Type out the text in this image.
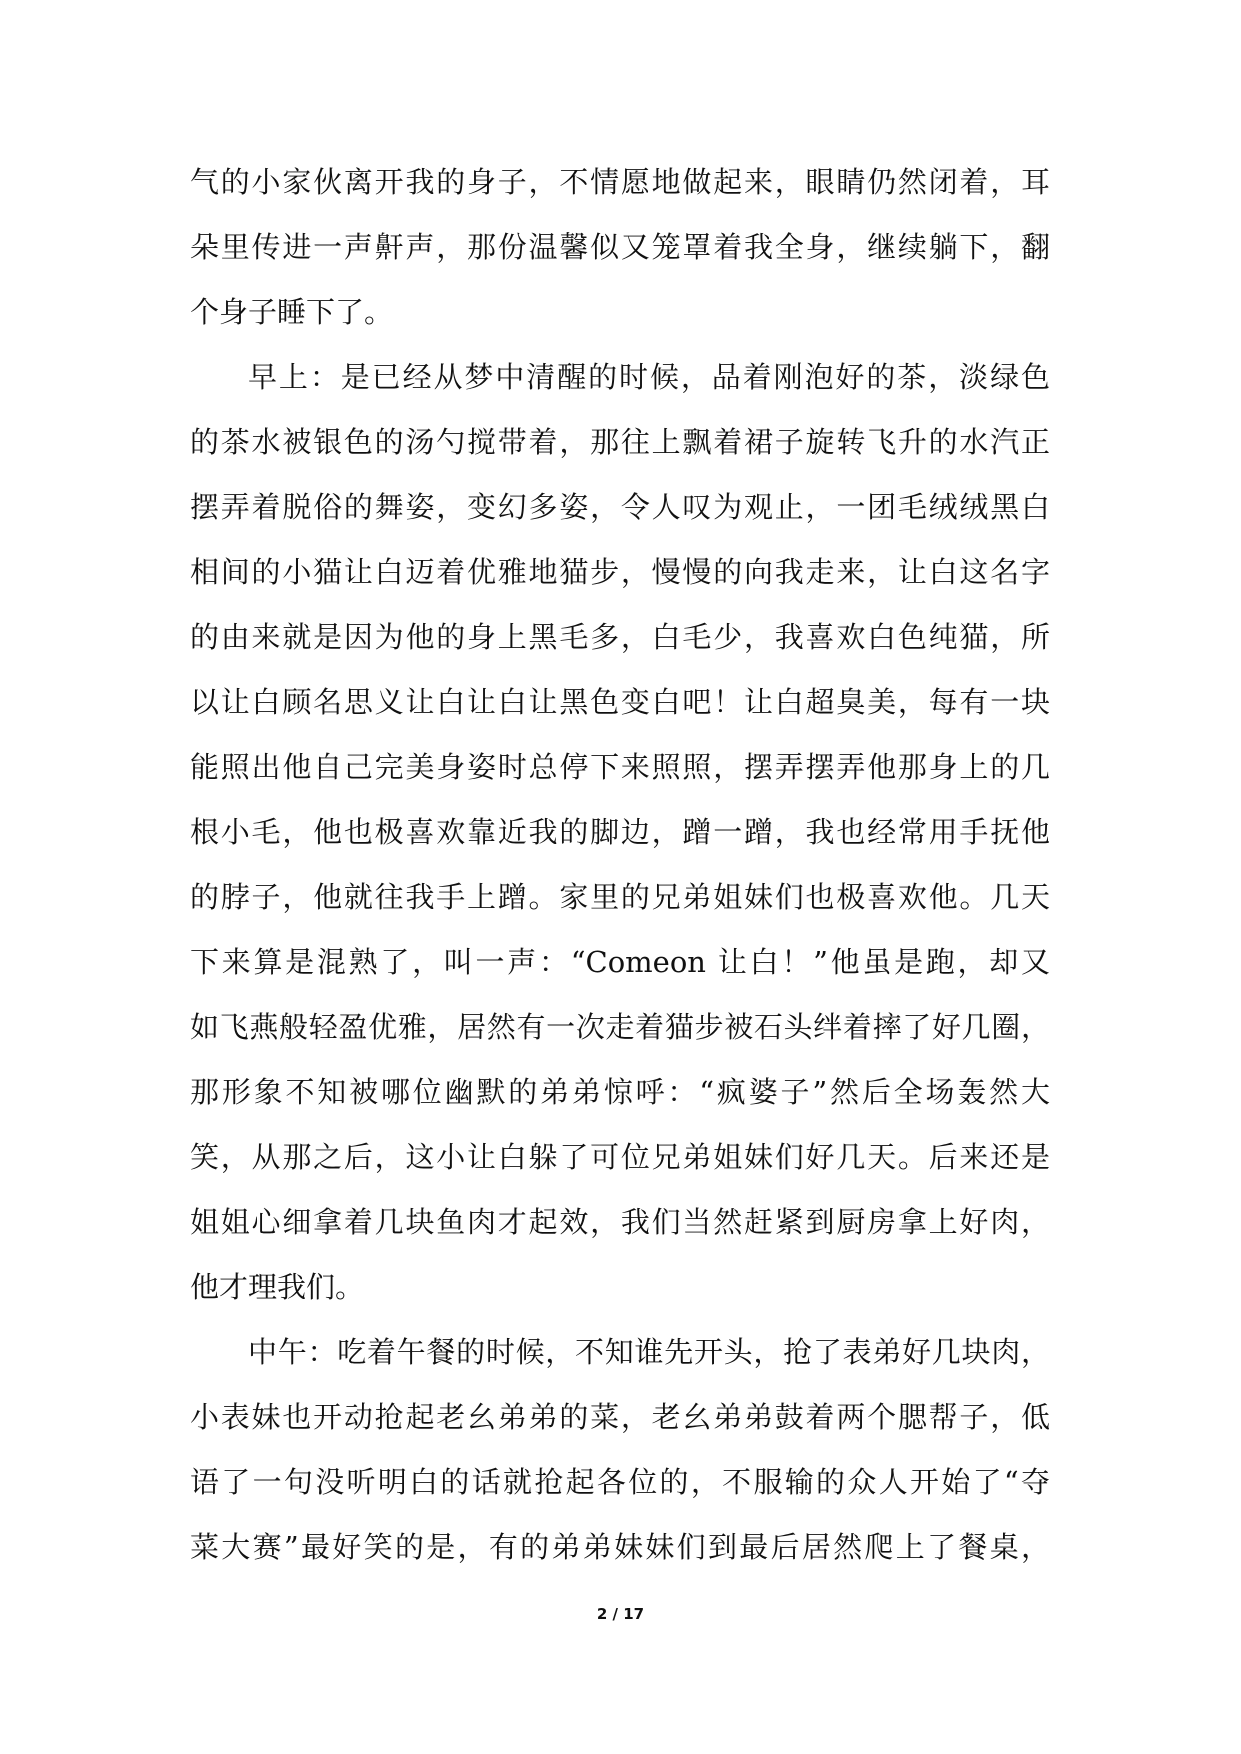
气的小家伙离开我的身子，不情愿地做起来，眼睛仍然闭着，耳
朵里传进一声鼾声，那份温馨似又笼罩着我全身，继续躺下，翻
个身子睡下了。
早上：是已经从梦中清醒的时候，品着刚泡好的茶，淡绿色
的茶水被银色的汤勺搅带着，那往上飘着裙子旋转飞升的水汽正
摆弄着脱俗的舞姿，变幻多姿，令人叹为观止，一团毛绒绒黑白
相间的小猫让白迈着优雅地猫步，慢慢的向我走来，让白这名字
的由来就是因为他的身上黑毛多，白毛少，我喜欢白色纯猫，所
以让白顾名思义让白让白让黑色变白吧！让白超臭美，每有一块
能照出他自己完美身姿时总停下来照照，摆弄摆弄他那身上的几
根小毛，他也极喜欢靠近我的脚边，蹭一蹭，我也经常用手抚他
的脖子，他就往我手上蹭。家里的兄弟姐妹们也极喜欢他。几天
下来算是混熟了，叫一声：“Comeon 让白！”他虽是跑，却又
如飞燕般轻盈优雅，居然有一次走着猫步被石头绊着摔了好几圈，
那形象不知被哪位幽默的弟弟惊呼：“疯婆子”然后全场轰然大
笑，从那之后，这小让白躲了可位兄弟姐妹们好几天。后来还是
姐姐心细拿着几块鱼肉才起效，我们当然赶紧到厨房拿上好肉，
他才理我们。
中午：吃着午餐的时候，不知谁先开头，抢了表弟好几块肉，
小表妹也开动抢起老幺弟弟的菜，老幺弟弟鼓着两个腮帮子，低
语了一句没听明白的话就抢起各位的，不服输的众人开始了“夺
菜大赛”最好笑的是，有的弟弟妹妹们到最后居然爬上了餐桌，
2 / 17
